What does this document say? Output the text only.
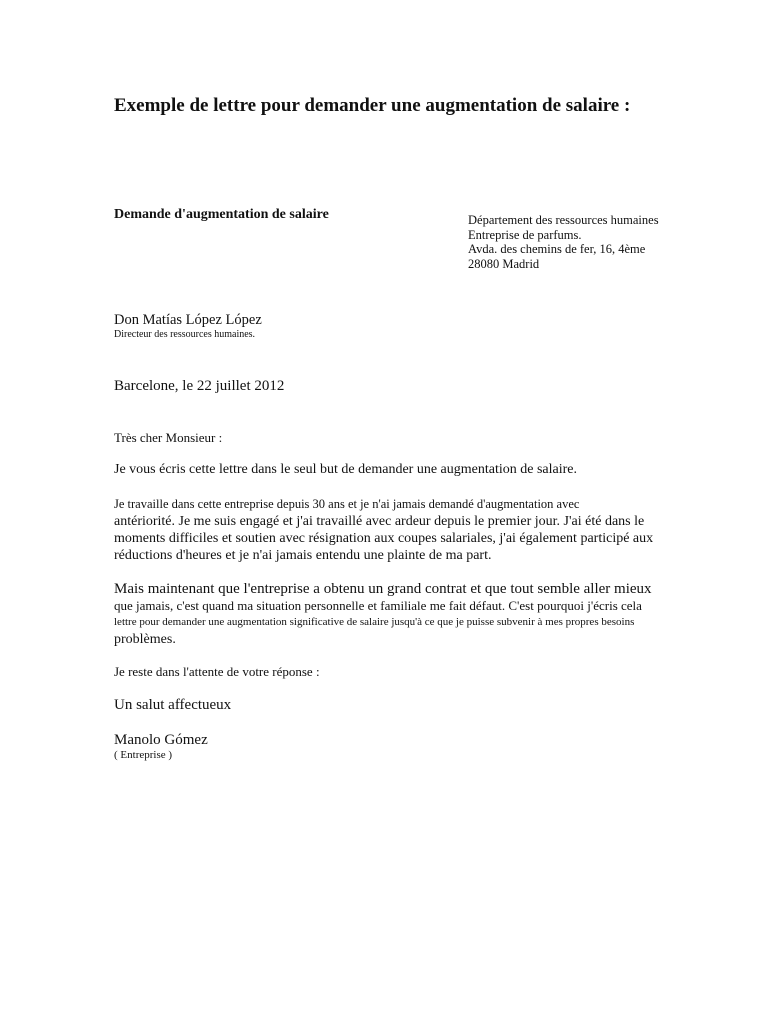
Exemple de lettre pour demander une augmentation de salaire :
Demande d'augmentation de salaire	Département des ressources humaines
Entreprise de parfums.
Avda. des chemins de fer, 16, 4ème
28080 Madrid
Don Matías López López
Directeur des ressources humaines.
Barcelone, le 22 juillet 2012
Très cher Monsieur :
Je vous écris cette lettre dans le seul but de demander une augmentation de salaire.
Je travaille dans cette entreprise depuis 30 ans et je n'ai jamais demandé d'augmentation avec
antériorité. Je me suis engagé et j'ai travaillé avec ardeur depuis le premier jour. J'ai été dans le
moments difficiles et soutien avec résignation aux coupes salariales, j'ai également participé aux
réductions d'heures et je n'ai jamais entendu une plainte de ma part.
Mais maintenant que l'entreprise a obtenu un grand contrat et que tout semble aller mieux
que jamais, c'est quand ma situation personnelle et familiale me fait défaut. C'est pourquoi j'écris cela
lettre pour demander une augmentation significative de salaire jusqu'à ce que je puisse subvenir à mes propres besoins
problèmes.
Je reste dans l'attente de votre réponse :
Un salut affectueux
Manolo Gómez
( Entreprise )
